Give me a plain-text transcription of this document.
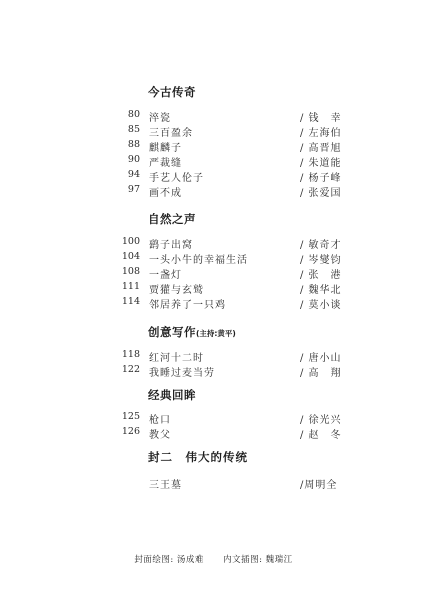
今古传奇
80 淬瓷	/ 钱　幸
85 三百盈余	/ 左海伯
88 麒麟子	/ 高晋旭
90 严裁缝	/ 朱道能
94 手艺人伦子	/ 杨子峰
97 画不成	/ 张爱国
自然之声
100 鹞子出窝	/ 敏奇才
104 一头小牛的幸福生活	/ 岑燮钧
108 一盏灯	/ 张　港
111 贾獾与玄鹫	/ 魏华北
114 邻居养了一只鸡	/ 莫小谈
创意写作(主持:黄平)
118 红河十二时	/ 唐小山
122 我睡过麦当劳	/ 高　翔
经典回眸
125 枪口	/ 徐光兴
126 教父	/ 赵　冬
封二　伟大的传统
三王墓	/周明全
封面绘图: 汤成难 内文插图: 魏瑞江
